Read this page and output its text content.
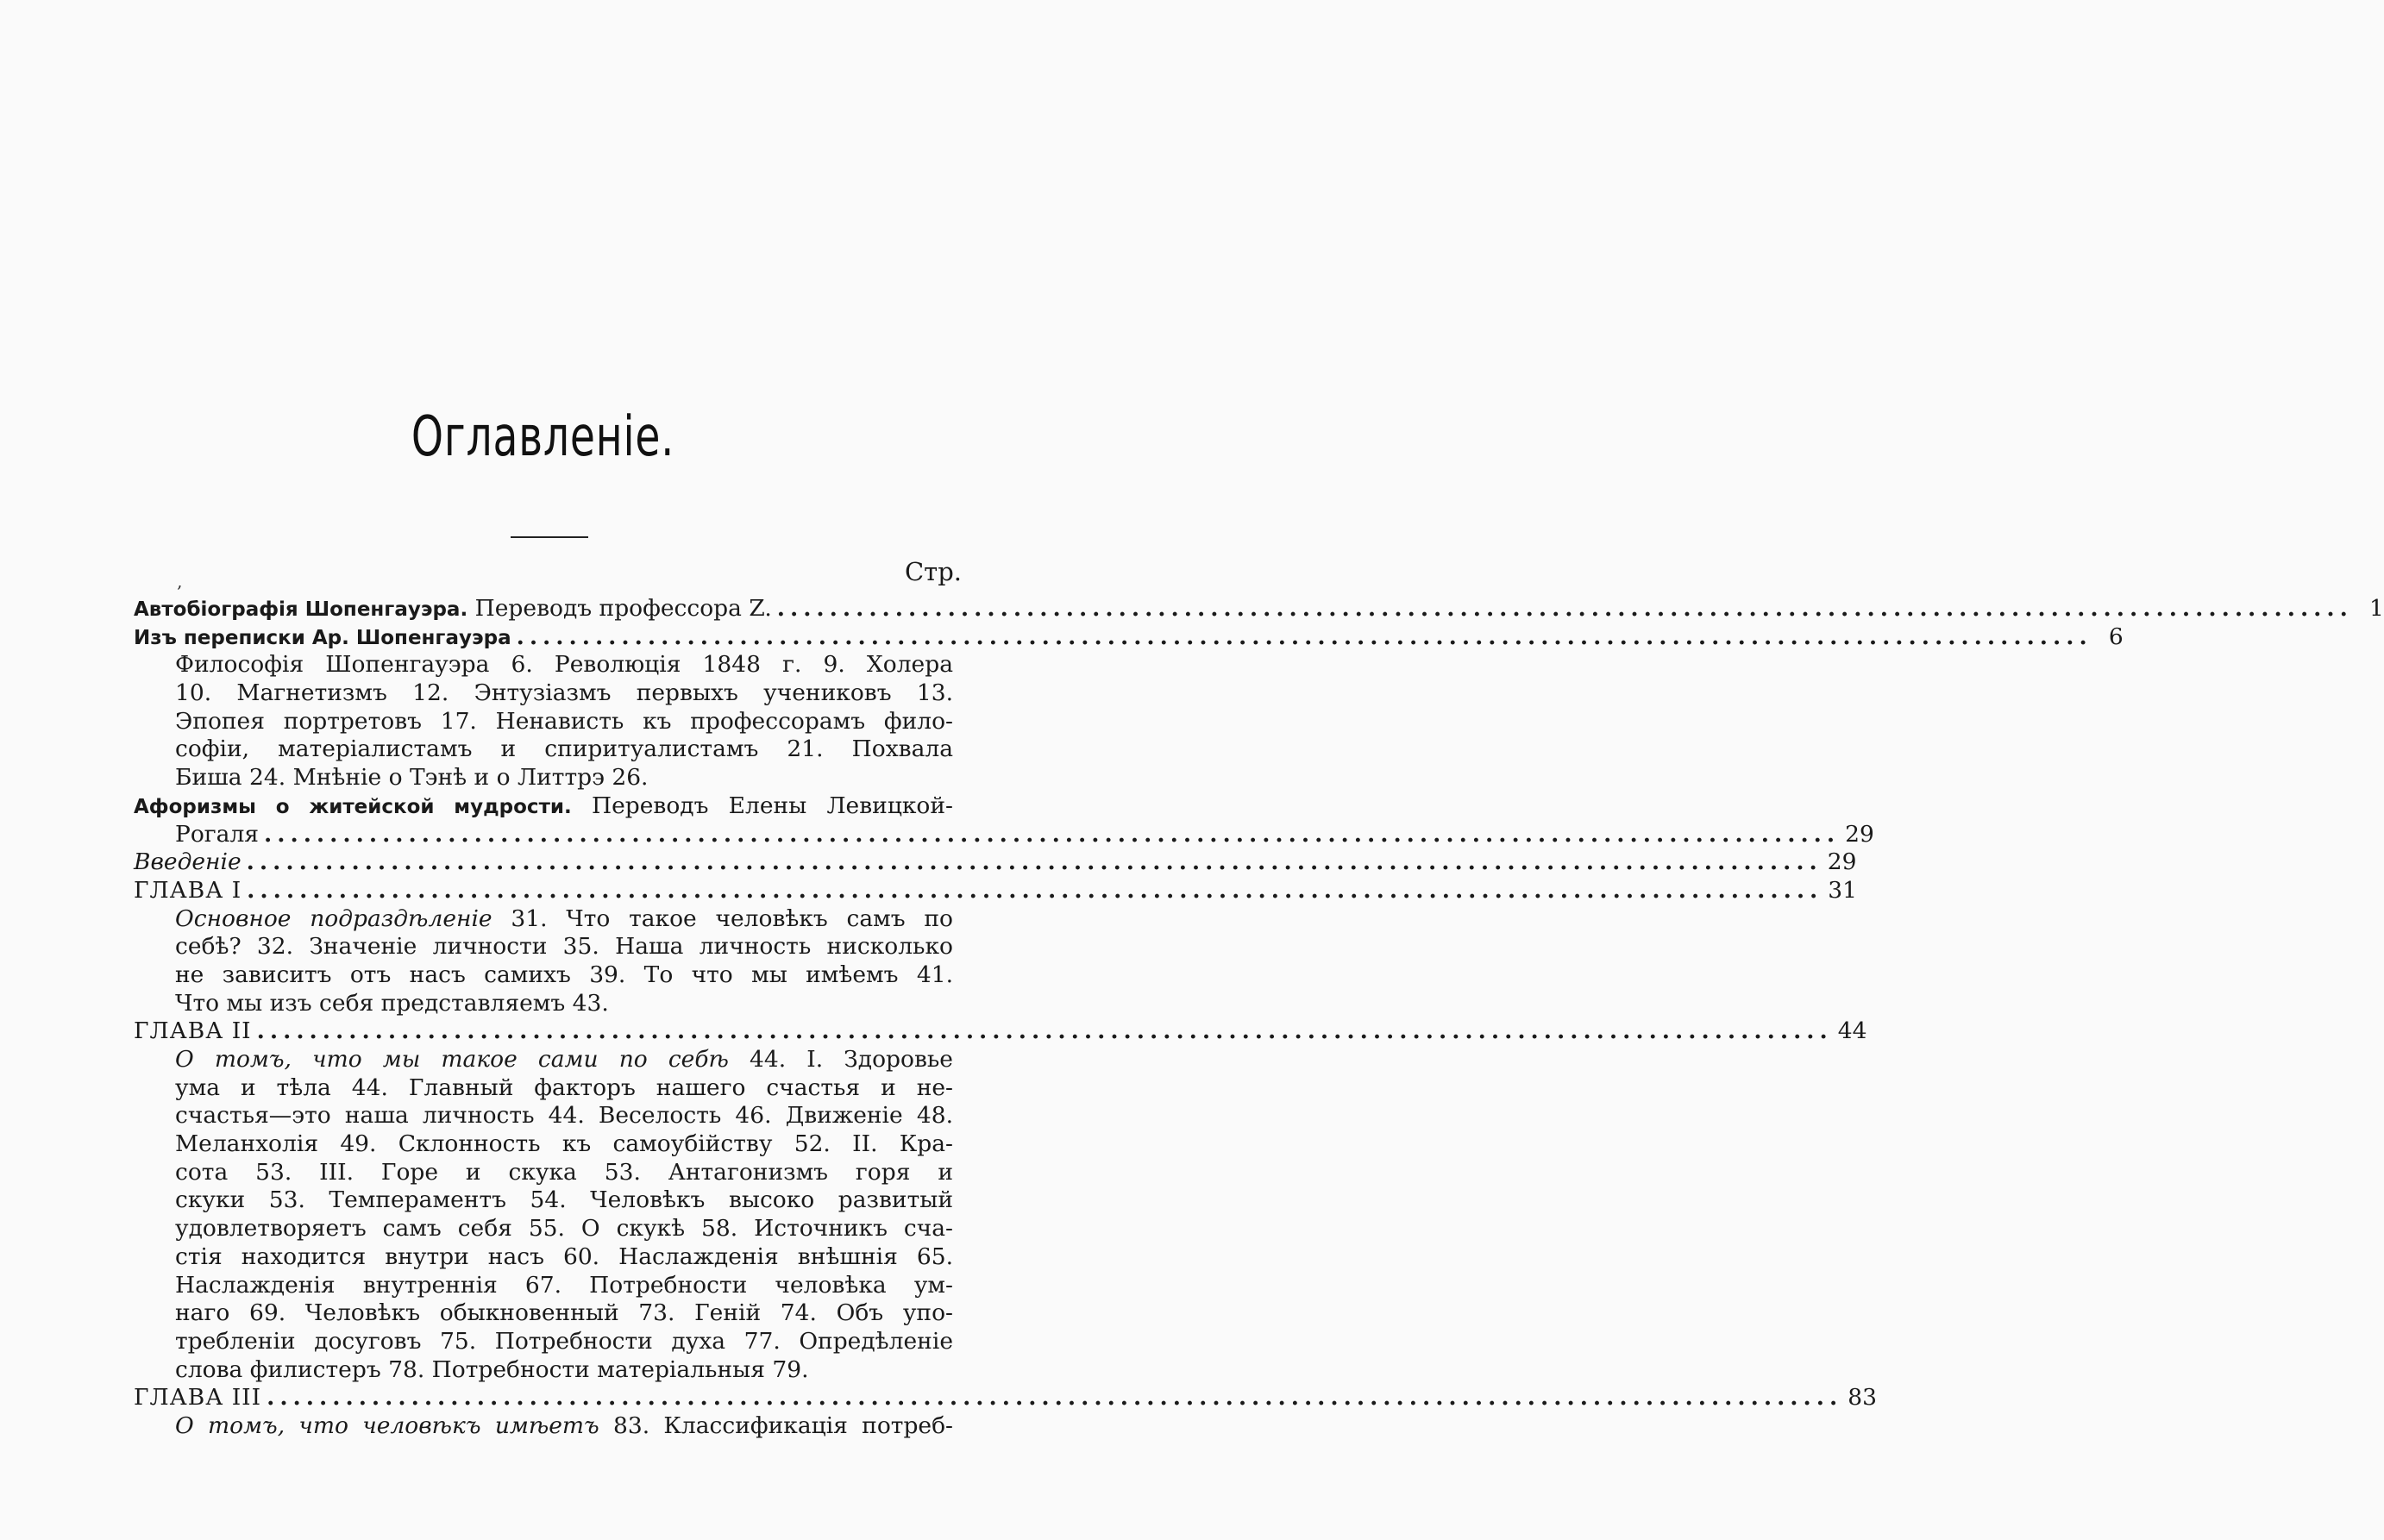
Оглавленіе.
‚	Стр.
Автобіографія Шопенгауэра. Переводъ профессора Z. ........................................................................................................................ 1
Изъ переписки Ар. Шопенгауэра ........................................................................................................................ 6
Философія Шопенгауэра 6. Революція 1848 г. 9. Холера
10. Магнетизмъ 12. Энтузіазмъ первыхъ учениковъ 13.
Эпопея портретовъ 17. Ненависть къ профессорамъ фило-
софіи, матеріалистамъ и спиритуалистамъ 21. Похвала
Биша 24. Мнѣніе о Тэнѣ и о Литтрэ 26.
Афоризмы о житейской мудрости. Переводъ Елены Левицкой-
Рогаля ........................................................................................................................ 29
Введеніе ........................................................................................................................ 29
ГЛАВА I ........................................................................................................................ 31
Основное подраздѣленіе 31. Что такое человѣкъ самъ по
себѣ? 32. Значеніе личности 35. Наша личность нисколько
не зависитъ отъ насъ самихъ 39. То что мы имѣемъ 41.
Что мы изъ себя представляемъ 43.
ГЛАВА II ........................................................................................................................ 44
О томъ, что мы такое сами по себѣ 44. I. Здоровье
ума и тѣла 44. Главный факторъ нашего счастья и не-
счастья—это наша личность 44. Веселость 46. Движеніе 48.
Меланхолія 49. Склонность къ самоубійству 52. II. Кра-
сота 53. III. Горе и скука 53. Антагонизмъ горя и
скуки 53. Темпераментъ 54. Человѣкъ высоко развитый
удовлетворяетъ самъ себя 55. О скукѣ 58. Источникъ сча-
стія находится внутри насъ 60. Наслажденія внѣшнія 65.
Наслажденія внутреннія 67. Потребности человѣка ум-
наго 69. Человѣкъ обыкновенный 73. Геній 74. Объ упо-
требленіи досуговъ 75. Потребности духа 77. Опредѣленіе
слова филистеръ 78. Потребности матеріальныя 79.
ГЛАВА III ........................................................................................................................ 83
О томъ, что человѣкъ имѣетъ 83. Классификація потреб-
